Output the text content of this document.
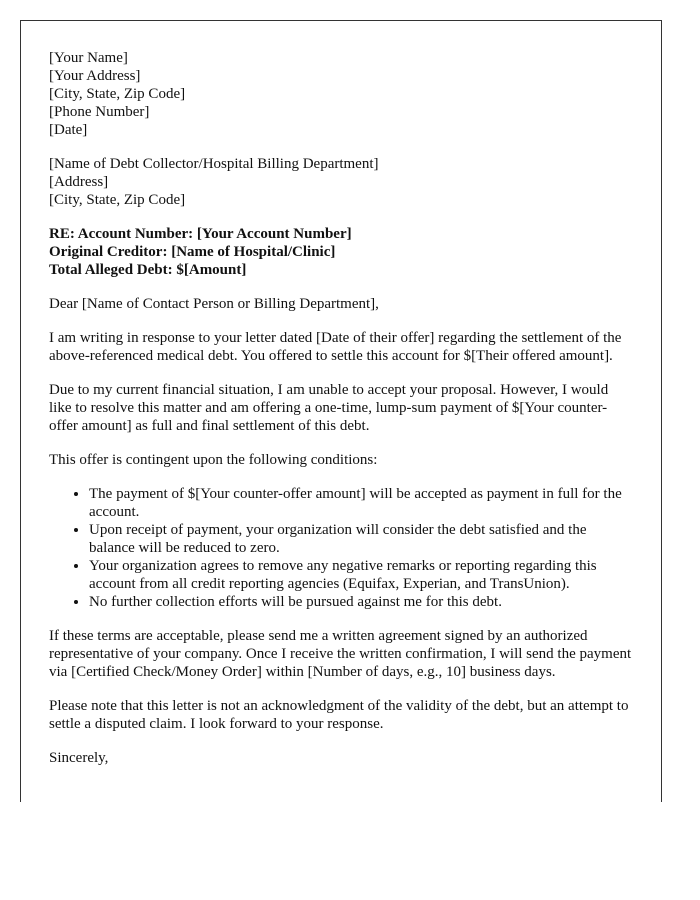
[Your Name]
[Your Address]
[City, State, Zip Code]
[Phone Number]
[Date]

[Name of Debt Collector/Hospital Billing Department]
[Address]
[City, State, Zip Code]

RE: Account Number: [Your Account Number]
Original Creditor: [Name of Hospital/Clinic]
Total Alleged Debt: $[Amount]

Dear [Name of Contact Person or Billing Department],

I am writing in response to your letter dated [Date of their offer] regarding the settlement of the above-referenced medical debt. You offered to settle this account for $[Their offered amount].

Due to my current financial situation, I am unable to accept your proposal. However, I would like to resolve this matter and am offering a one-time, lump-sum payment of $[Your counter-offer amount] as full and final settlement of this debt.

This offer is contingent upon the following conditions:

• The payment of $[Your counter-offer amount] will be accepted as payment in full for the account.
• Upon receipt of payment, your organization will consider the debt satisfied and the balance will be reduced to zero.
• Your organization agrees to remove any negative remarks or reporting regarding this account from all credit reporting agencies (Equifax, Experian, and TransUnion).
• No further collection efforts will be pursued against me for this debt.

If these terms are acceptable, please send me a written agreement signed by an authorized representative of your company. Once I receive the written confirmation, I will send the payment via [Certified Check/Money Order] within [Number of days, e.g., 10] business days.

Please note that this letter is not an acknowledgment of the validity of the debt, but an attempt to settle a disputed claim. I look forward to your response.

Sincerely,
